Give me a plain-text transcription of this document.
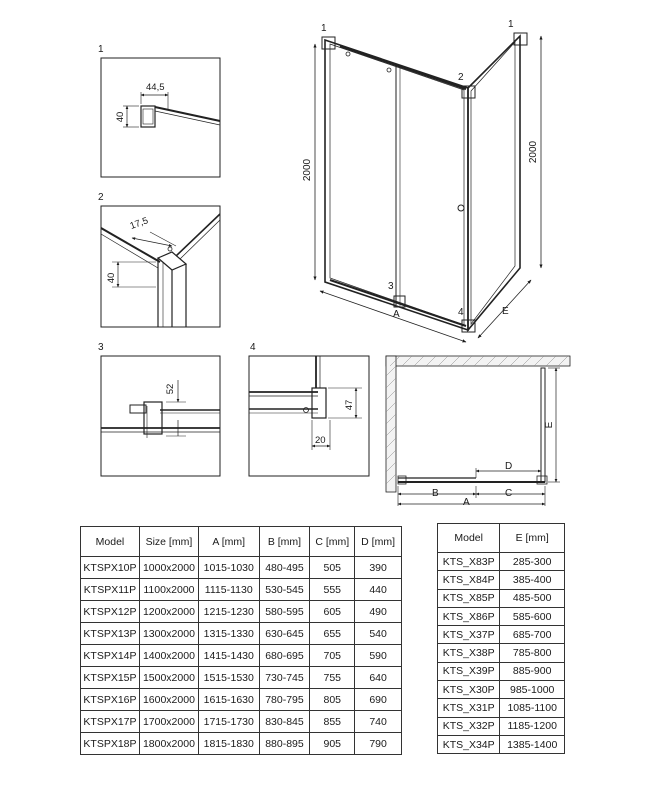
1	1
2
3
4
2000
2000
A	E
1
44,5
40
2
17,5
40
3
52
4
47
20
E
D
B	C
A
Model	Size [mm]	A [mm]	B [mm]	C [mm]	D [mm]
KTSPX10P	1000x2000	1015-1030	480-495	505	390
KTSPX11P	1100x2000	1115-1130	530-545	555	440
KTSPX12P	1200x2000	1215-1230	580-595	605	490
KTSPX13P	1300x2000	1315-1330	630-645	655	540
KTSPX14P	1400x2000	1415-1430	680-695	705	590
KTSPX15P	1500x2000	1515-1530	730-745	755	640
KTSPX16P	1600x2000	1615-1630	780-795	805	690
KTSPX17P	1700x2000	1715-1730	830-845	855	740
KTSPX18P	1800x2000	1815-1830	880-895	905	790
Model	E [mm]
KTS_X83P	285-300
KTS_X84P	385-400
KTS_X85P	485-500
KTS_X86P	585-600
KTS_X37P	685-700
KTS_X38P	785-800
KTS_X39P	885-900
KTS_X30P	985-1000
KTS_X31P	1085-1100
KTS_X32P	1185-1200
KTS_X34P	1385-1400
